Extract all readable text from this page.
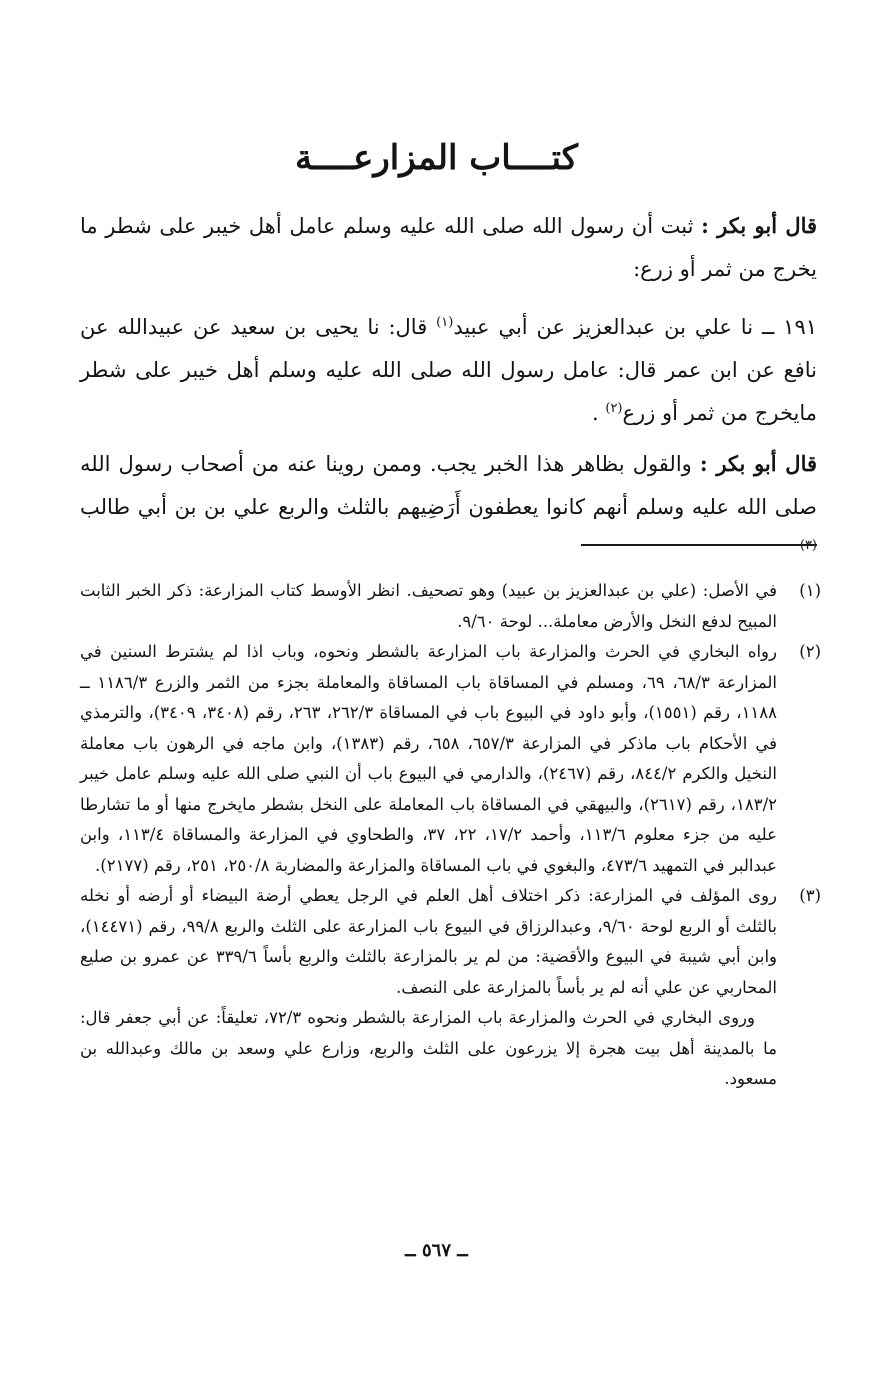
كتــــاب المزارعــــة
قال أبو بكر : ثبت أن رسول الله صلى الله عليه وسلم عامل أهل خيبر على شطر ما يخرج من ثمر أو زرع:
١٩١ ــ نا علي بن عبدالعزيز عن أبي عبيد$^{(١)}$ قال: نا يحيى بن سعيد عن عبيدالله عن نافع عن ابن عمر قال: عامل رسول الله صلى الله عليه وسلم أهل خيبر على شطر مايخرج من ثمر أو زرع$^{(٢)}$ .
قال أبو بكر : والقول بظاهر هذا الخبر يجب. وممن روينا عنه من أصحاب رسول الله صلى الله عليه وسلم أنهم كانوا يعطفون أَرَضِيهم بالثلث والربع علي بن بن أبي طالب $^{(٣)}$
(١)
في الأصل: (علي بن عبدالعزيز بن عبيد) وهو تصحيف. انظر الأوسط كتاب المزارعة: ذكر الخبر الثابت المبيح لدفع النخل والأرض معاملة... لوحة ٩/٦٠.
(٢)
رواه البخاري في الحرث والمزارعة باب المزارعة بالشطر ونحوه، وباب اذا لم يشترط السنين في المزارعة ٦٨/٣، ٦٩، ومسلم في المساقاة باب المساقاة والمعاملة بجزء من الثمر والزرع ١١٨٦/٣ ــ ١١٨٨، رقم (١٥٥١)، وأبو داود في البيوع باب في المساقاة ٢٦٢/٣، ٢٦٣، رقم (٣٤٠٨، ٣٤٠٩)، والترمذي في الأحكام باب ماذكر في المزارعة ٦٥٧/٣، ٦٥٨، رقم (١٣٨٣)، وابن ماجه في الرهون باب معاملة النخيل والكرم ٨٤٤/٢، رقم (٢٤٦٧)، والدارمي في البيوع باب أن النبي صلى الله عليه وسلم عامل خيبر ١٨٣/٢، رقم (٢٦١٧)، والبيهقي في المساقاة باب المعاملة على النخل بشطر مايخرج منها أو ما تشارطا عليه من جزء معلوم ١١٣/٦، وأحمد ١٧/٢، ٢٢، ٣٧، والطحاوي في المزارعة والمساقاة ١١٣/٤، وابن عبدالبر في التمهيد ٤٧٣/٦، والبغوي في باب المساقاة والمزارعة والمضاربة ٢٥٠/٨، ٢٥١، رقم (٢١٧٧).
(٣)
روى المؤلف في المزارعة: ذكر اختلاف أهل العلم في الرجل يعطي أرضة البيضاء أو أرضه أو نخله بالثلث أو الربع لوحة ٩/٦٠، وعبدالرزاق في البيوع باب المزارعة على الثلث والربع ٩٩/٨، رقم (١٤٤٧١)، وابن أبي شيبة في البيوع والأقضية: من لم ير بالمزارعة بالثلث والربع بأساً ٣٣٩/٦ عن عمرو بن صليع المحاربي عن علي أنه لم ير بأساً بالمزارعة على النصف.
وروى البخاري في الحرث والمزارعة باب المزارعة بالشطر ونحوه ٧٢/٣، تعليقاً: عن أبي جعفر قال: ما بالمدينة أهل بيت هجرة إلا يزرعون على الثلث والربع، وزارع علي وسعد بن مالك وعبدالله بن مسعود.
ــ ٥٦٧ ــ
